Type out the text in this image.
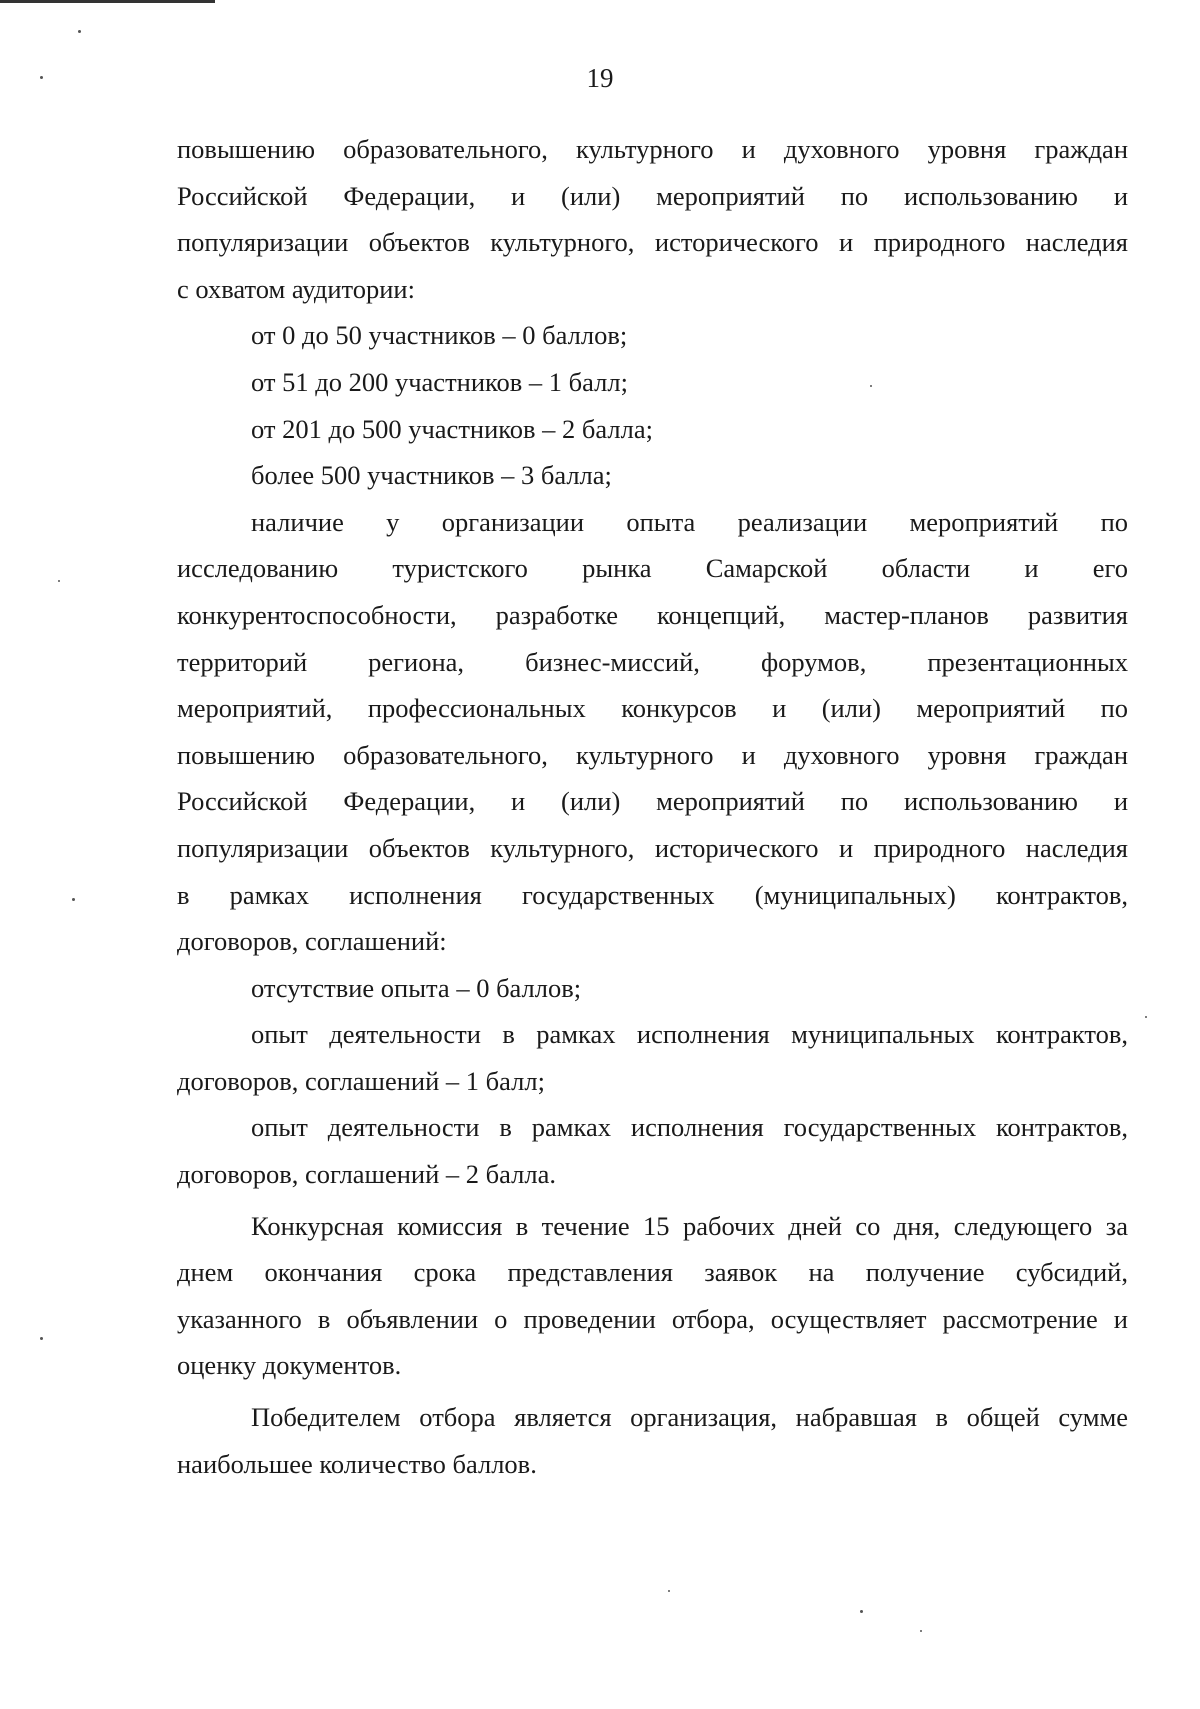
19

повышению образовательного, культурного и духовного уровня граждан

Российской Федерации, и (или) мероприятий по использованию и

популяризации объектов культурного, исторического и природного наследия

с охватом аудитории:

от 0 до 50 участников – 0 баллов;

от 51 до 200 участников – 1 балл;

от 201 до 500 участников – 2 балла;

более 500 участников – 3 балла;

наличие у организации опыта реализации мероприятий по

исследованию туристского рынка Самарской области и его

конкурентоспособности, разработке концепций, мастер-планов развития

территорий региона, бизнес-миссий, форумов, презентационных

мероприятий, профессиональных конкурсов и (или) мероприятий по

повышению образовательного, культурного и духовного уровня граждан

Российской Федерации, и (или) мероприятий по использованию и

популяризации объектов культурного, исторического и природного наследия

в рамках исполнения государственных (муниципальных) контрактов,

договоров, соглашений:

отсутствие опыта – 0 баллов;

опыт деятельности в рамках исполнения муниципальных контрактов,

договоров, соглашений – 1 балл;

опыт деятельности в рамках исполнения государственных контрактов,

договоров, соглашений – 2 балла.

Конкурсная комиссия в течение 15 рабочих дней со дня, следующего за

днем окончания срока представления заявок на получение субсидий,

указанного в объявлении о проведении отбора, осуществляет рассмотрение и

оценку документов.

Победителем отбора является организация, набравшая в общей сумме

наибольшее количество баллов.
